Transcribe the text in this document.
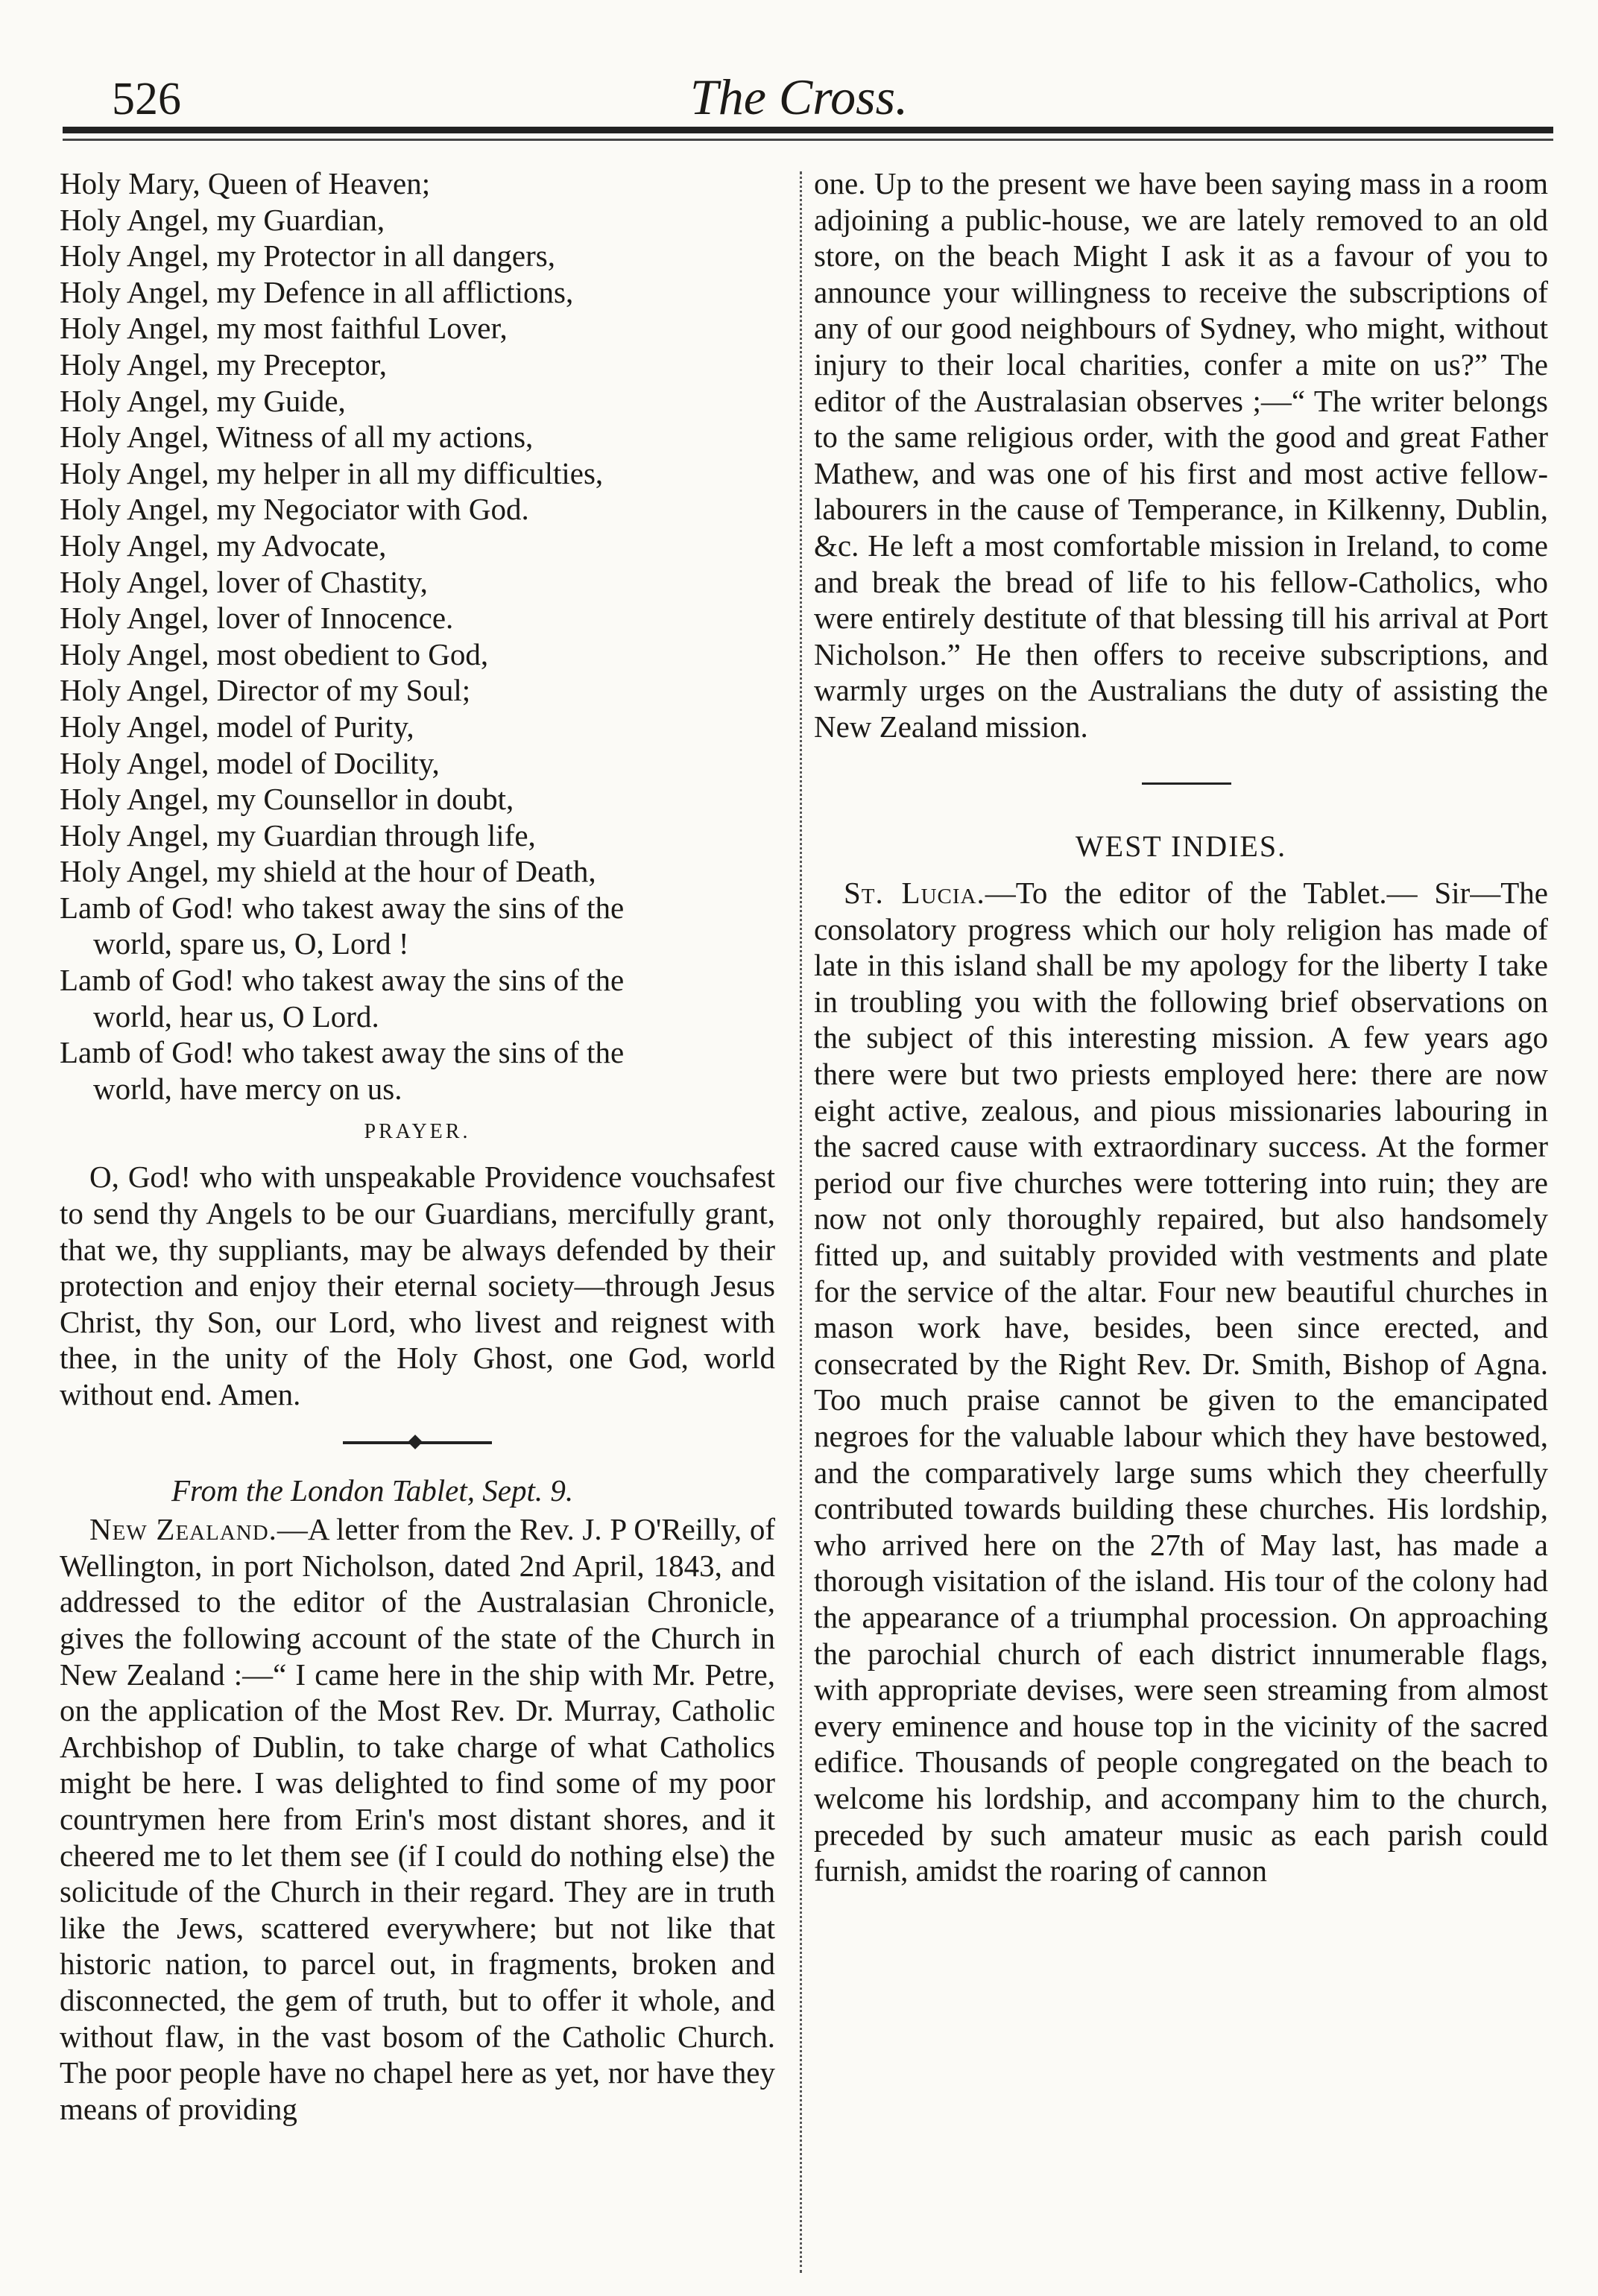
526	The Cross.
Holy Mary, Queen of Heaven;
Holy Angel, my Guardian,
Holy Angel, my Protector in all dangers,
Holy Angel, my Defence in all afflictions,
Holy Angel, my most faithful Lover,
Holy Angel, my Preceptor,
Holy Angel, my Guide,
Holy Angel, Witness of all my actions,
Holy Angel, my helper in all my difficulties,
Holy Angel, my Negociator with God.
Holy Angel, my Advocate,
Holy Angel, lover of Chastity,
Holy Angel, lover of Innocence.
Holy Angel, most obedient to God,
Holy Angel, Director of my Soul;
Holy Angel, model of Purity,
Holy Angel, model of Docility,
Holy Angel, my Counsellor in doubt,
Holy Angel, my Guardian through life,
Holy Angel, my shield at the hour of Death,
Lamb of God! who takest away the sins of the
world, spare us, O, Lord !
Lamb of God! who takest away the sins of the
world, hear us, O Lord.
Lamb of God! who takest away the sins of the
world, have mercy on us.
PRAYER.

O, God! who with unspeakable Providence vouchsafest to send thy Angels to be our Guardians, mercifully grant, that we, thy suppliants, may be always defended by their protection and enjoy their eternal society—through Jesus Christ, thy Son, our Lord, who livest and reignest with thee, in the unity of the Holy Ghost, one God, world without end. Amen.

From the London Tablet, Sept. 9.

New Zealand.—A letter from the Rev. J. P O'Reilly, of Wellington, in port Nicholson, dated 2nd April, 1843, and addressed to the editor of the Australasian Chronicle, gives the following account of the state of the Church in New Zealand :—“ I came here in the ship with Mr. Petre, on the application of the Most Rev. Dr. Murray, Catholic Archbishop of Dublin, to take charge of what Catholics might be here. I was delighted to find some of my poor countrymen here from Erin's most distant shores, and it cheered me to let them see (if I could do nothing else) the solicitude of the Church in their regard. They are in truth like the Jews, scattered everywhere; but not like that historic nation, to parcel out, in fragments, broken and disconnected, the gem of truth, but to offer it whole, and without flaw, in the vast bosom of the Catholic Church. The poor people have no chapel here as yet, nor have they means of providing

one. Up to the present we have been saying mass in a room adjoining a public-house, we are lately removed to an old store, on the beach Might I ask it as a favour of you to announce your willingness to receive the subscriptions of any of our good neighbours of Sydney, who might, without injury to their local charities, confer a mite on us?” The editor of the Australasian observes ;—“ The writer belongs to the same religious order, with the good and great Father Mathew, and was one of his first and most active fellow-labourers in the cause of Temperance, in Kilkenny, Dublin, &c. He left a most comfortable mission in Ireland, to come and break the bread of life to his fellow-Catholics, who were entirely destitute of that blessing till his arrival at Port Nicholson.” He then offers to receive subscriptions, and warmly urges on the Australians the duty of assisting the New Zealand mission.

WEST INDIES.

St. Lucia.—To the editor of the Tablet.— Sir—The consolatory progress which our holy religion has made of late in this island shall be my apology for the liberty I take in troubling you with the following brief observations on the subject of this interesting mission. A few years ago there were but two priests employed here: there are now eight active, zealous, and pious missionaries labouring in the sacred cause with extraordinary success. At the former period our five churches were tottering into ruin; they are now not only thoroughly repaired, but also handsomely fitted up, and suitably provided with vestments and plate for the service of the altar. Four new beautiful churches in mason work have, besides, been since erected, and consecrated by the Right Rev. Dr. Smith, Bishop of Agna. Too much praise cannot be given to the emancipated negroes for the valuable labour which they have bestowed, and the comparatively large sums which they cheerfully contributed towards building these churches. His lordship, who arrived here on the 27th of May last, has made a thorough visitation of the island. His tour of the colony had the appearance of a triumphal procession. On approaching the parochial church of each district innumerable flags, with appropriate devises, were seen streaming from almost every eminence and house top in the vicinity of the sacred edifice. Thousands of people congregated on the beach to welcome his lordship, and accompany him to the church, preceded by such amateur music as each parish could furnish, amidst the roaring of cannon
